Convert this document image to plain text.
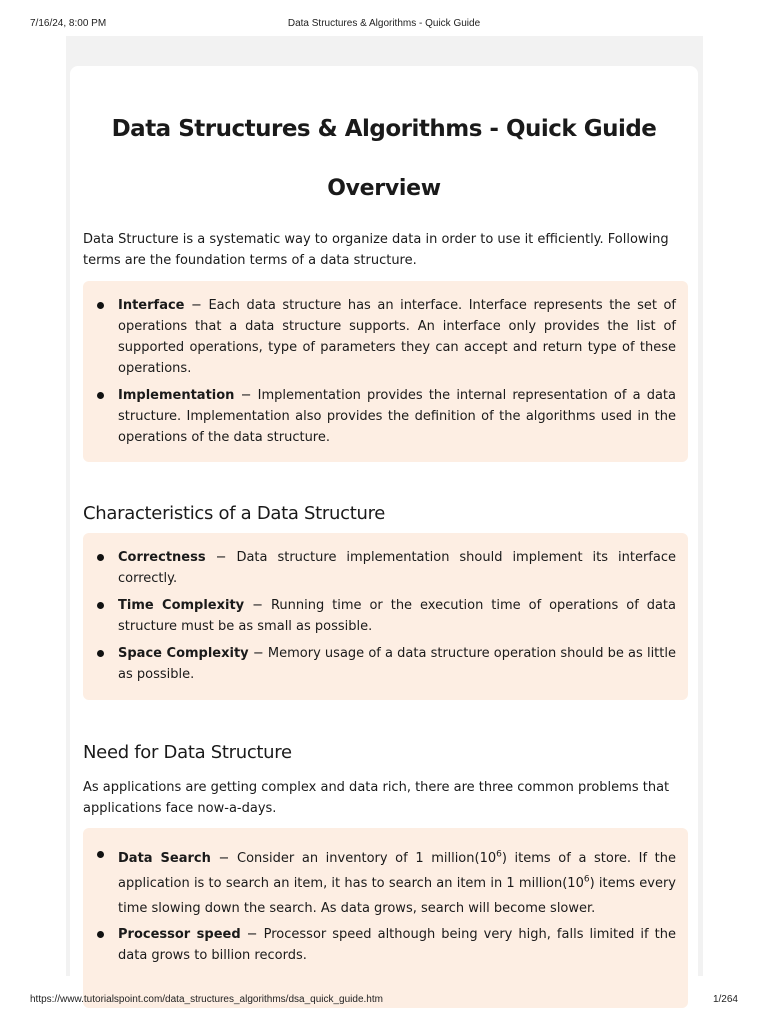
7/16/24, 8:00 PM	Data Structures & Algorithms - Quick Guide
Data Structures & Algorithms - Quick Guide
Overview

Data Structure is a systematic way to organize data in order to use it efficiently. Following terms are the foundation terms of a data structure.

Interface − Each data structure has an interface. Interface represents the set of operations that a data structure supports. An interface only provides the list of supported operations, type of parameters they can accept and return type of these operations.
Implementation − Implementation provides the internal representation of a data structure. Implementation also provides the definition of the algorithms used in the operations of the data structure.
Characteristics of a Data Structure
Correctness − Data structure implementation should implement its interface correctly.
Time Complexity − Running time or the execution time of operations of data structure must be as small as possible.
Space Complexity − Memory usage of a data structure operation should be as little as possible.
Need for Data Structure

As applications are getting complex and data rich, there are three common problems that applications face now-a-days.

Data Search − Consider an inventory of 1 $million(10^6)$ items of a store. If the application is to search an item, it has to search an item in 1 $million(10^6)$ items every time slowing down the search. As data grows, search will become slower.
Processor speed − Processor speed although being very high, falls limited if the data grows to billion records.
https://www.tutorialspoint.com/data_structures_algorithms/dsa_quick_guide.htm	1/264
